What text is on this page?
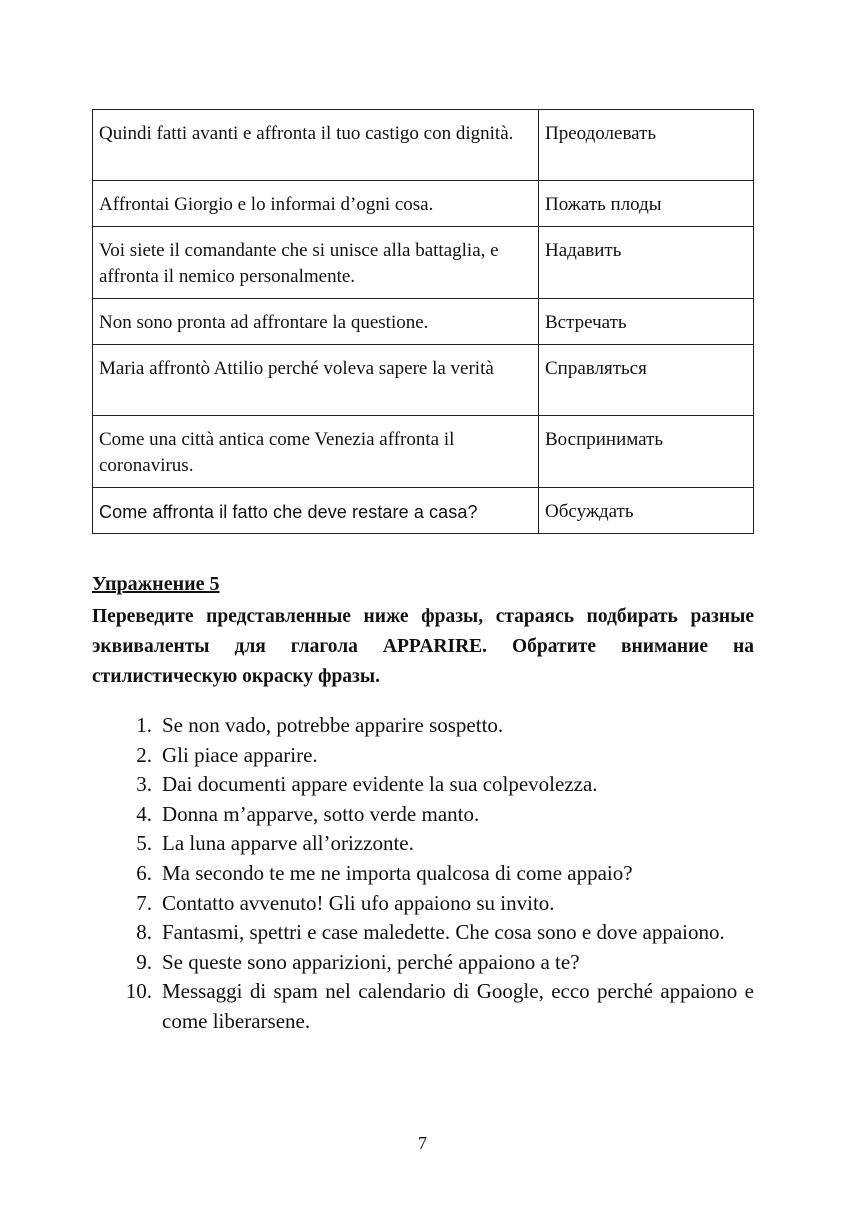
Quindi fatti avanti e affronta il tuo castigo con dignità.	Преодолевать
Affrontai Giorgio e lo informai d’ogni cosa.	Пожать плоды
Voi siete il comandante che si unisce alla battaglia, e affronta il nemico personalmente.	Надавить
Non sono pronta ad affrontare la questione.	Встречать
Maria affrontò Attilio perché voleva sapere la verità	Справляться
Come una città antica come Venezia affronta il coronavirus.	Воспринимать
Come affronta il fatto che deve restare a casa?	Обсуждать
Упражнение 5

Переведите представленные ниже фразы, стараясь подбирать разные эквиваленты для глагола APPARIRE. Обратите внимание на стилистическую окраску фразы.

1. Se non vado, potrebbe apparire sospetto.
2. Gli piace apparire.
3. Dai documenti appare evidente la sua colpevolezza.
4. Donna m’apparve, sotto verde manto.
5. La luna apparve all’orizzonte.
6. Ma secondo te me ne importa qualcosa di come appaio?
7. Contatto avvenuto! Gli ufo appaiono su invito.
8. Fantasmi, spettri e case maledette. Che cosa sono e dove appaiono.
9. Se queste sono apparizioni, perché appaiono a te?
10. Messaggi di spam nel calendario di Google, ecco perché appaiono e come liberarsene.
7
